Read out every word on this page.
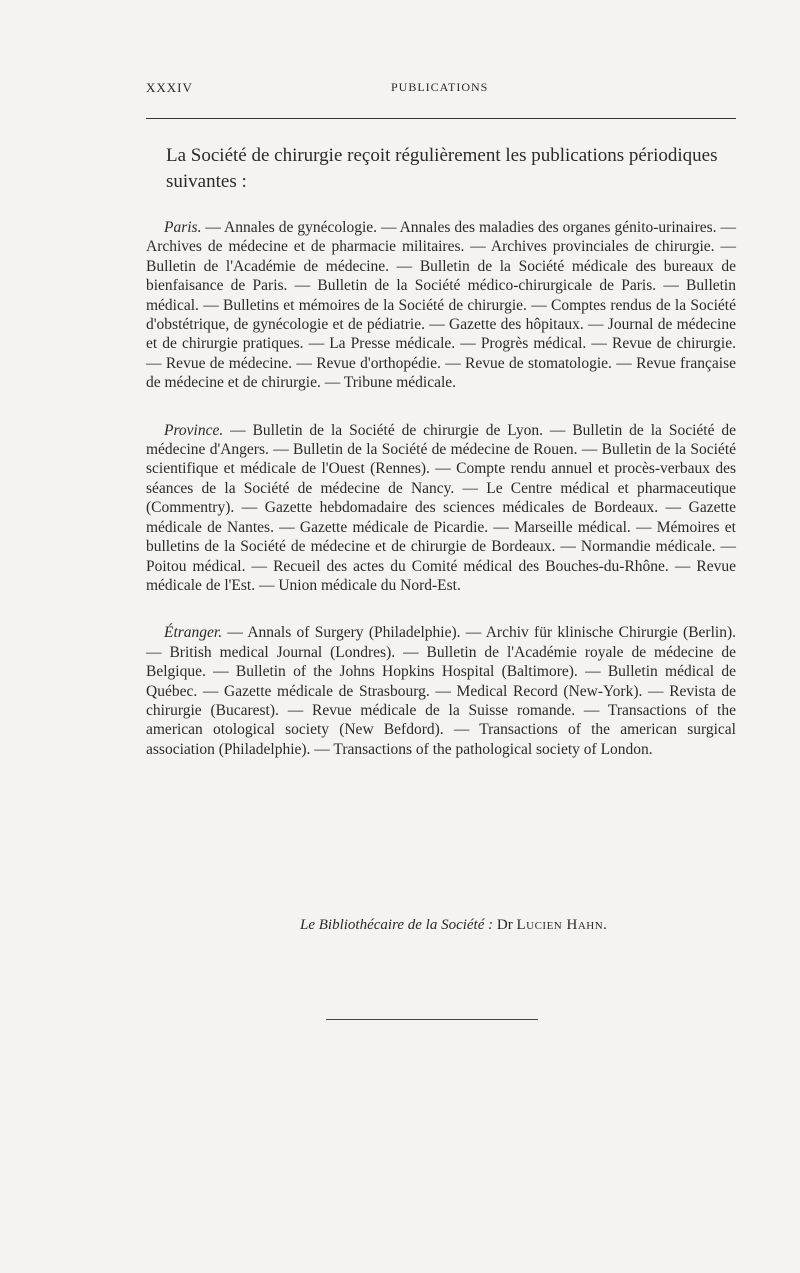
XXXIV	PUBLICATIONS

La Société de chirurgie reçoit régulièrement les publications périodiques suivantes :

Paris. — Annales de gynécologie. — Annales des maladies des organes génito-urinaires. — Archives de médecine et de pharmacie militaires. — Archives provinciales de chirurgie. — Bulletin de l'Académie de médecine. — Bulletin de la Société médicale des bureaux de bienfaisance de Paris. — Bulletin de la Société médico-chirurgicale de Paris. — Bulletin médical. — Bulletins et mémoires de la Société de chirurgie. — Comptes rendus de la Société d'obstétrique, de gynécologie et de pédiatrie. — Gazette des hôpitaux. — Journal de médecine et de chirurgie pratiques. — La Presse médicale. — Progrès médical. — Revue de chirurgie. — Revue de médecine. — Revue d'orthopédie. — Revue de stomatologie. — Revue française de médecine et de chirurgie. — Tribune médicale.

Province. — Bulletin de la Société de chirurgie de Lyon. — Bulletin de la Société de médecine d'Angers. — Bulletin de la Société de médecine de Rouen. — Bulletin de la Société scientifique et médicale de l'Ouest (Rennes). — Compte rendu annuel et procès-verbaux des séances de la Société de médecine de Nancy. — Le Centre médical et pharmaceutique (Commentry). — Gazette hebdomadaire des sciences médicales de Bordeaux. — Gazette médicale de Nantes. — Gazette médicale de Picardie. — Marseille médical. — Mémoires et bulletins de la Société de médecine et de chirurgie de Bordeaux. — Normandie médicale. — Poitou médical. — Recueil des actes du Comité médical des Bouches-du-Rhône. — Revue médicale de l'Est. — Union médicale du Nord-Est.

Étranger. — Annals of Surgery (Philadelphie). — Archiv für klinische Chirurgie (Berlin). — British medical Journal (Londres). — Bulletin de l'Académie royale de médecine de Belgique. — Bulletin of the Johns Hopkins Hospital (Baltimore). — Bulletin médical de Québec. — Gazette médicale de Strasbourg. — Medical Record (New-York). — Revista de chirurgie (Bucarest). — Revue médicale de la Suisse romande. — Transactions of the american otological society (New Befdord). — Transactions of the american surgical association (Philadelphie). — Transactions of the pathological society of London.

Le Bibliothécaire de la Société : Dr Lucien Hahn.
